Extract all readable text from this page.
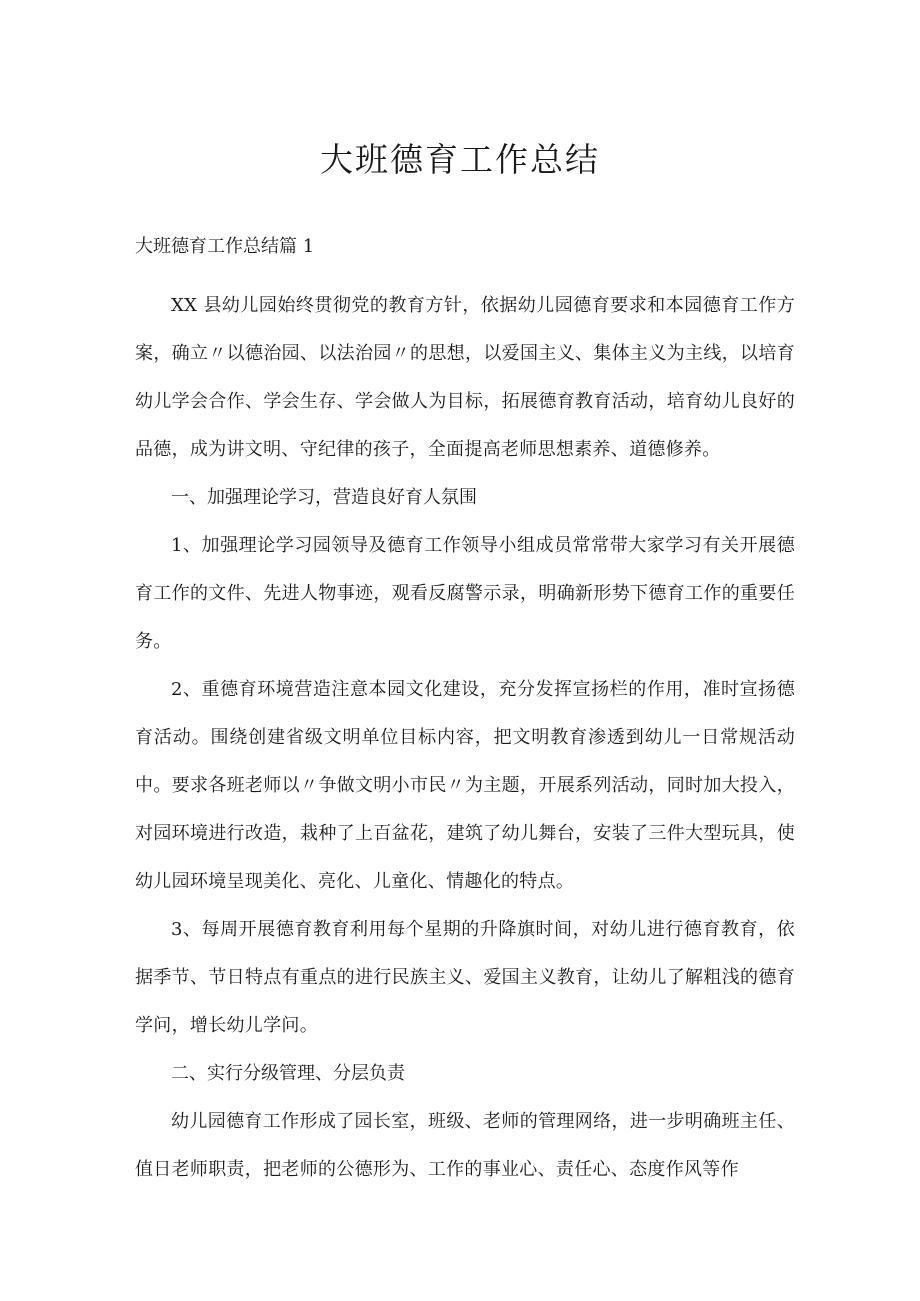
大班德育工作总结

大班德育工作总结篇 1

XX 县幼儿园始终贯彻党的教育方针，依据幼儿园德育要求和本园德育工作方案，确立〃以德治园、以法治园〃的思想，以爱国主义、集体主义为主线，以培育幼儿学会合作、学会生存、学会做人为目标，拓展德育教育活动，培育幼儿良好的品德，成为讲文明、守纪律的孩子，全面提高老师思想素养、道德修养。

一、加强理论学习，营造良好育人氛围

1、加强理论学习园领导及德育工作领导小组成员常常带大家学习有关开展德育工作的文件、先进人物事迹，观看反腐警示录，明确新形势下德育工作的重要任务。

2、重德育环境营造注意本园文化建设，充分发挥宣扬栏的作用，准时宣扬德育活动。围绕创建省级文明单位目标内容，把文明教育渗透到幼儿一日常规活动中。要求各班老师以〃争做文明小市民〃为主题，开展系列活动，同时加大投入，对园环境进行改造，栽种了上百盆花，建筑了幼儿舞台，安装了三件大型玩具，使幼儿园环境呈现美化、亮化、儿童化、情趣化的特点。

3、每周开展德育教育利用每个星期的升降旗时间，对幼儿进行德育教育，依据季节、节日特点有重点的进行民族主义、爱国主义教育，让幼儿了解粗浅的德育学问，增长幼儿学问。

二、实行分级管理、分层负责

幼儿园德育工作形成了园长室，班级、老师的管理网络，进一步明确班主任、值日老师职责，把老师的公德形为、工作的事业心、责任心、态度作风等作
